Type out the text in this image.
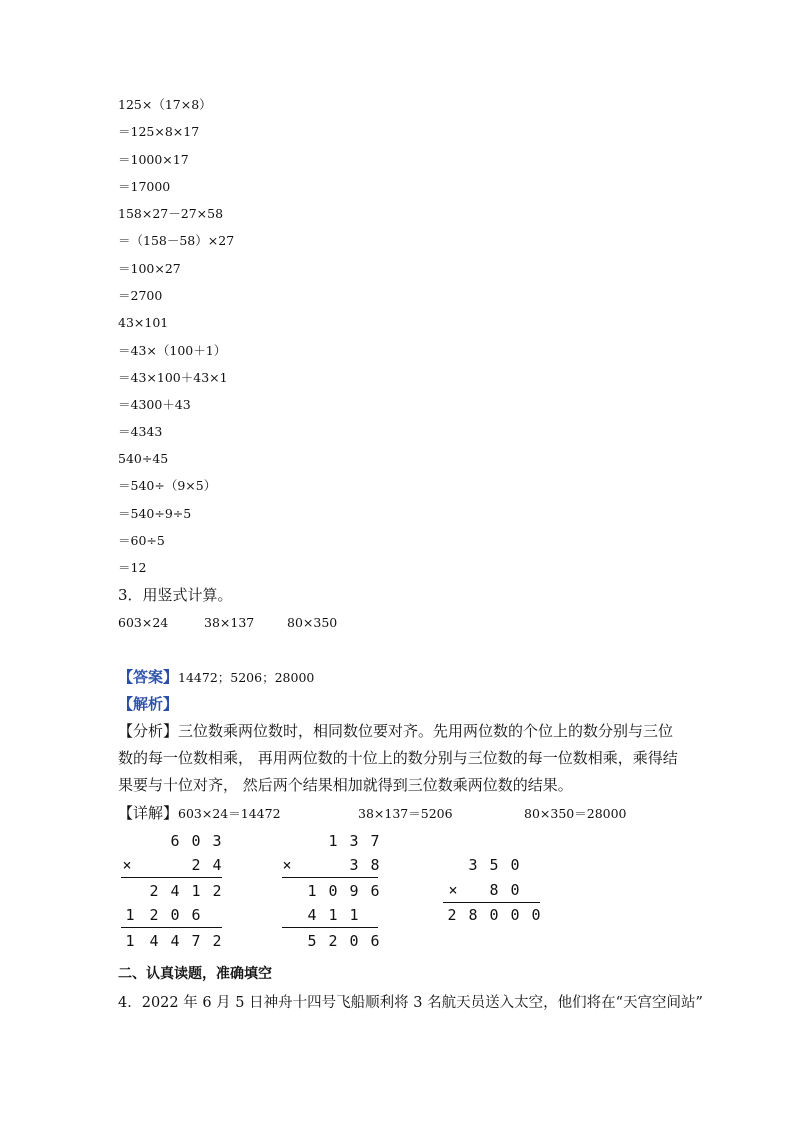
125×（17×8）
＝125×8×17
＝1000×17
＝17000
158×27－27×58
＝（158－58）×27
＝100×27
＝2700
43×101
＝43×（100＋1）
＝43×100＋43×1
＝4300＋43
＝4343
540÷45
＝540÷（9×5）
＝540÷9÷5
＝60÷5
＝12
3．用竖式计算。
603×24	38×137	80×350
【答案】14472；5206；28000
【解析】
【分析】三位数乘两位数时，相同数位要对齐。先用两位数的个位上的数分别与三位数的每一位数相乘， 再用两位数的十位上的数分别与三位数的每一位数相乘，乘得结果要与十位对齐， 然后两个结果相加就得到三位数乘两位数的结果。
【详解】603×24＝14472	38×137＝5206	80×350＝28000
6 0 3
×	2 4
2 4 1 2
1 2 0 6
1 4 4 7 2
1 3 7
×	3 8
1 0 9 6
4 1 1
5 2 0 6
3 5 0
× 8 0
2 8 0 0 0
二、认真读题，准确填空
4．2022 年 6 月 5 日神舟十四号飞船顺利将 3 名航天员送入太空，他们将在“天宫空间站”
